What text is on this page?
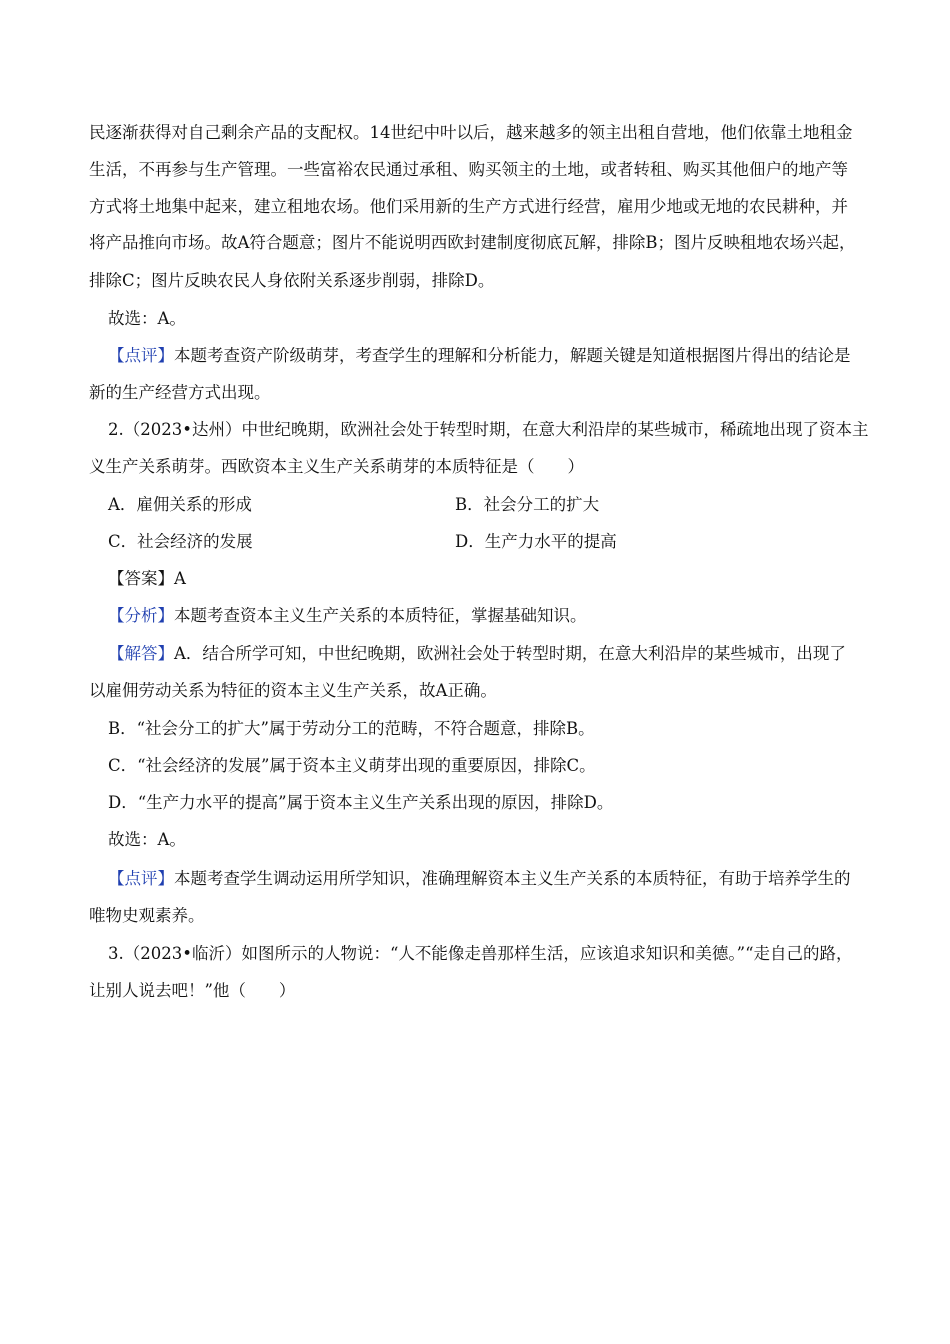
民逐渐获得对自己剩余产品的支配权。14世纪中叶以后，越来越多的领主出租自营地，他们依靠土地租金
生活，不再参与生产管理。一些富裕农民通过承租、购买领主的土地，或者转租、购买其他佃户的地产等
方式将土地集中起来，建立租地农场。他们采用新的生产方式进行经营，雇用少地或无地的农民耕种，并
将产品推向市场。故A符合题意；图片不能说明西欧封建制度彻底瓦解，排除B；图片反映租地农场兴起，
排除C；图片反映农民人身依附关系逐步削弱，排除D。
故选：A。
【点评】本题考查资产阶级萌芽，考查学生的理解和分析能力，解题关键是知道根据图片得出的结论是
新的生产经营方式出现。
2.（2023•达州）中世纪晚期，欧洲社会处于转型时期，在意大利沿岸的某些城市，稀疏地出现了资本主
义生产关系萌芽。西欧资本主义生产关系萌芽的本质特征是（　　）
A．雇佣关系的形成	B．社会分工的扩大
C．社会经济的发展	D．生产力水平的提高
【答案】A
【分析】本题考查资本主义生产关系的本质特征，掌握基础知识。
【解答】A．结合所学可知，中世纪晚期，欧洲社会处于转型时期，在意大利沿岸的某些城市，出现了
以雇佣劳动关系为特征的资本主义生产关系，故A正确。
B．“社会分工的扩大”属于劳动分工的范畴，不符合题意，排除B。
C．“社会经济的发展”属于资本主义萌芽出现的重要原因，排除C。
D．“生产力水平的提高”属于资本主义生产关系出现的原因，排除D。
故选：A。
【点评】本题考查学生调动运用所学知识，准确理解资本主义生产关系的本质特征，有助于培养学生的
唯物史观素养。
3.（2023•临沂）如图所示的人物说：“人不能像走兽那样生活，应该追求知识和美德。”“走自己的路，
让别人说去吧！”他（　　）
